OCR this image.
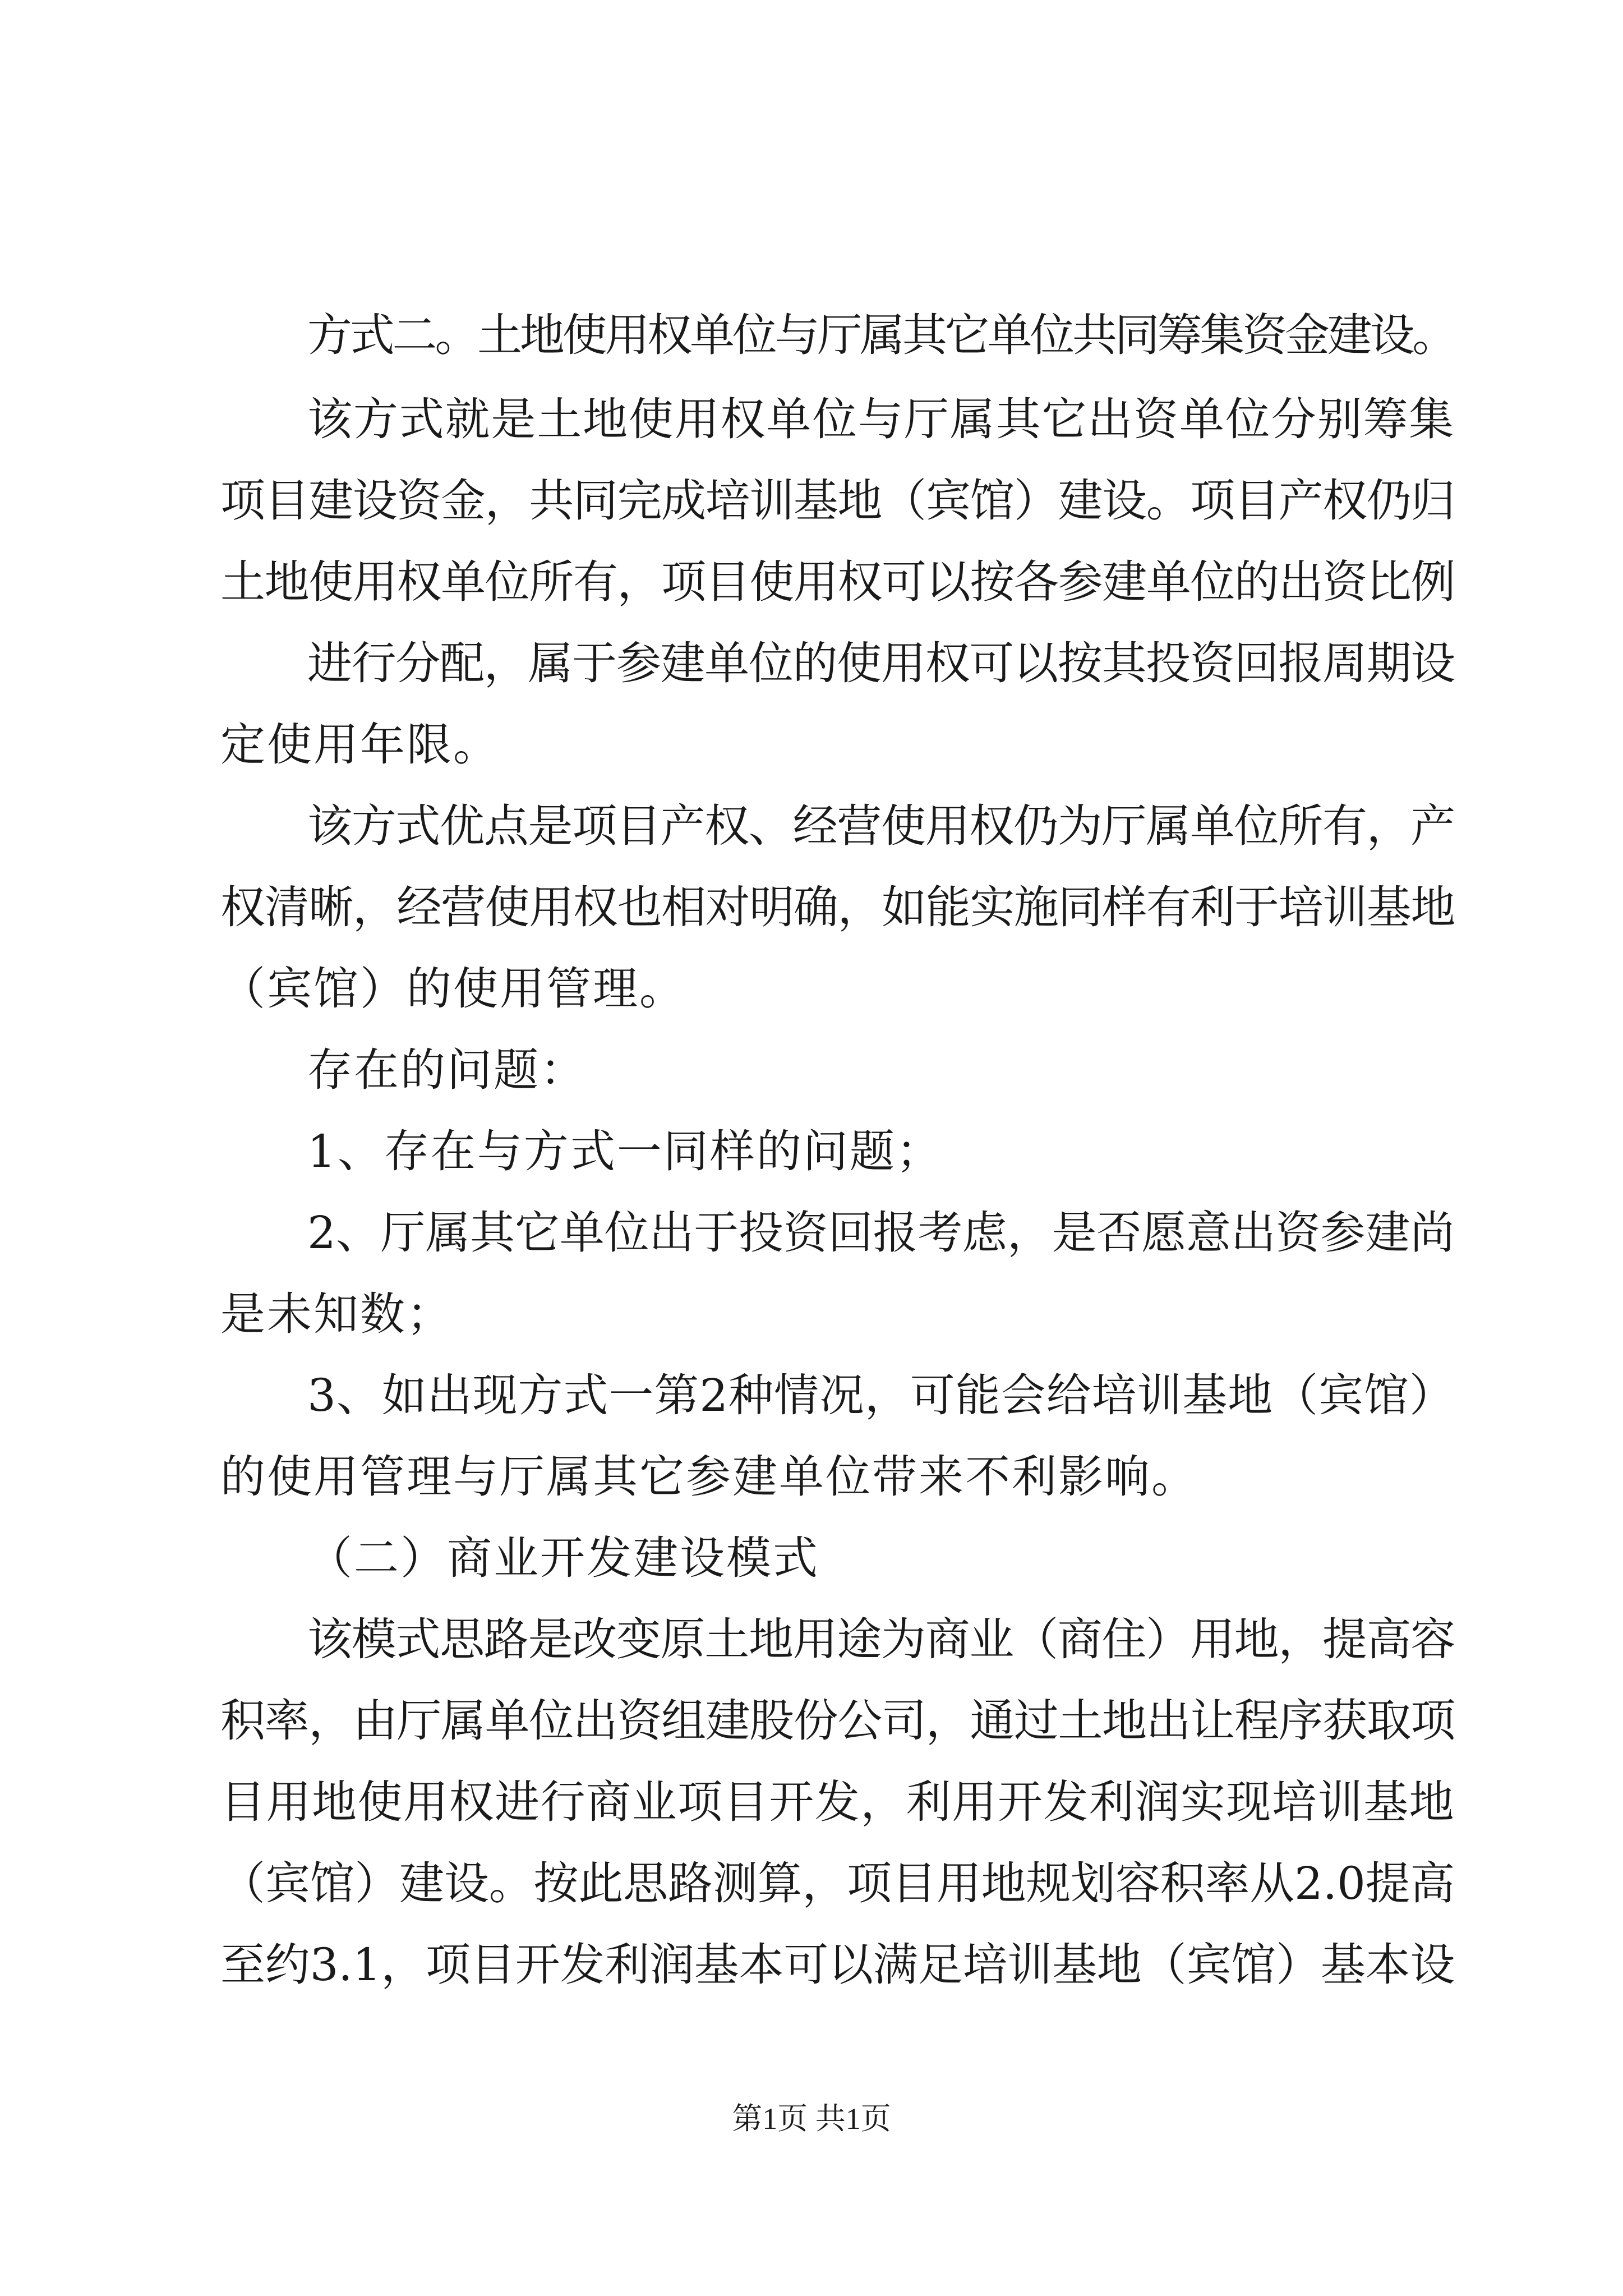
方式二。土地使用权单位与厅属其它单位共同筹集资金建设。
该方式就是土地使用权单位与厅属其它出资单位分别筹集
项目建设资金，共同完成培训基地（宾馆）建设。项目产权仍归
土地使用权单位所有，项目使用权可以按各参建单位的出资比例
进行分配，属于参建单位的使用权可以按其投资回报周期设
定使用年限。
该方式优点是项目产权、经营使用权仍为厅属单位所有，产
权清晰，经营使用权也相对明确，如能实施同样有利于培训基地
（宾馆）的使用管理。
存在的问题：
1、存在与方式一同样的问题；
2、厅属其它单位出于投资回报考虑，是否愿意出资参建尚
是未知数；
3、如出现方式一第2种情况，可能会给培训基地（宾馆）
的使用管理与厅属其它参建单位带来不利影响。
（二）商业开发建设模式
该模式思路是改变原土地用途为商业（商住）用地，提高容
积率，由厅属单位出资组建股份公司，通过土地出让程序获取项
目用地使用权进行商业项目开发，利用开发利润实现培训基地
（宾馆）建设。按此思路测算，项目用地规划容积率从2.0提高
至约3.1，项目开发利润基本可以满足培训基地（宾馆）基本设
第1页 共1页
